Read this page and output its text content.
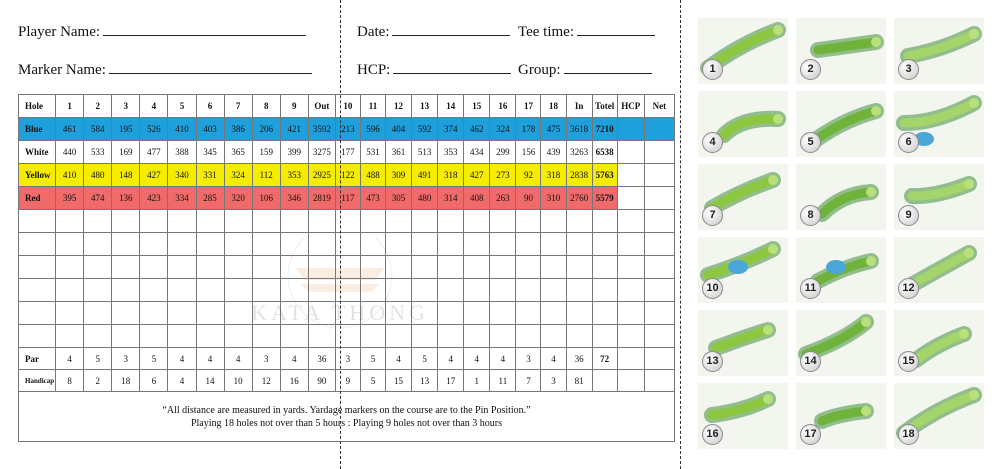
Player Name:
Marker Name:
Date:	Tee time:
HCP:	Group:
KATA THONG
Hole	1	2	3	4	5	6	7	8	9	Out	10	11	12	13	14	15	16	17	18	In	Totel	HCP	Net
Blue	461	584	195	526	410	403	386	206	421	3592	213	596	404	592	374	462	324	178	475	3618	7210		
White	440	533	169	477	388	345	365	159	399	3275	177	531	361	513	353	434	299	156	439	3263	6538		
Yellow	410	480	148	427	340	331	324	112	353	2925	122	488	309	491	318	427	273	92	318	2838	5763		
Red	395	474	136	423	334	285	320	106	346	2819	117	473	305	480	314	408	263	90	310	2760	5579		

Par	4	5	3	5	4	4	4	3	4	36	3	5	4	5	4	4	4	3	4	36	72		
Handicap	8	2	18	6	4	14	10	12	16	90	9	5	15	13	17	1	11	7	3	81			

“All distance are measured in yards. Yardage markers on the course are to the Pin Position.”
Playing 18 holes not over than 5 hours : Playing 9 holes not over than 3 hours																							
1	2	3
4	5	6
7	8	9
10	11	12
13	14	15
16	17	18
